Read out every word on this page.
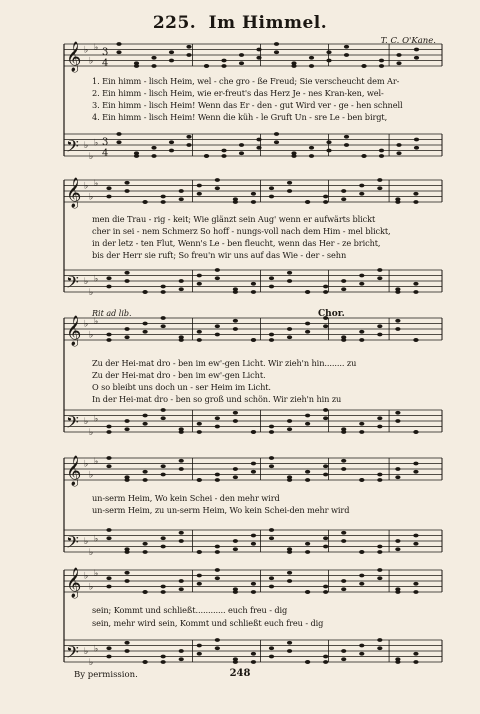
225. Im Himmel.
T. C. O'Kane.
𝄞 ♭
♭
♭ 3
4
𝄢 ♭
♭
♭ 3
4
𝄞 ♭
♭
♭
𝄢 ♭
♭
♭
𝄞 ♭
♭
♭
𝄢 ♭
♭
♭
𝄞 ♭
♭
♭
𝄢 ♭
♭
♭
𝄞 ♭
♭
♭
𝄢 ♭
♭
♭
1. Ein himm - lisch Heim, wel - che gro - ße Freud; Sie verscheucht dem Ar-
2. Ein himm - lisch Heim, wie er-freut's das Herz Je - nes Kran-ken, wel-
3. Ein himm - lisch Heim! Wenn das Er - den - gut Wird ver - ge - hen schnell
4. Ein himm - lisch Heim! Wenn die küh - le Gruft Un - sre Le - ben birgt,
men die Trau - rig - keit; Wie glänzt sein Aug' wenn er aufwärts blickt
cher in sei - nem Schmerz So hoff - nungs-voll nach dem Him - mel blickt,
in der letz - ten Flut, Wenn's Le - ben fleucht, wenn das Her - ze bricht,
bis der Herr sie ruft; So freu'n wir uns auf das Wie - der - sehn
Rit ad lib.	Chor.
Zu der Hei-mat dro - ben im ew'-gen Licht. Wir zieh'n hin........ zu
Zu der Hei-mat dro - ben im ew'-gen Licht.
O so bleibt uns doch un - ser Heim im Licht.
In der Hei-mat dro - ben so groß und schön. Wir zieh'n hin zu
un-serm Heim, Wo kein Schei - den mehr wird
un-serm Heim, zu un-serm Heim, Wo kein Schei-den mehr wird
sein; Kommt und schließt............ euch freu - dig
sein, mehr wird sein, Kommt und schließt euch freu - dig
By permission.	248
